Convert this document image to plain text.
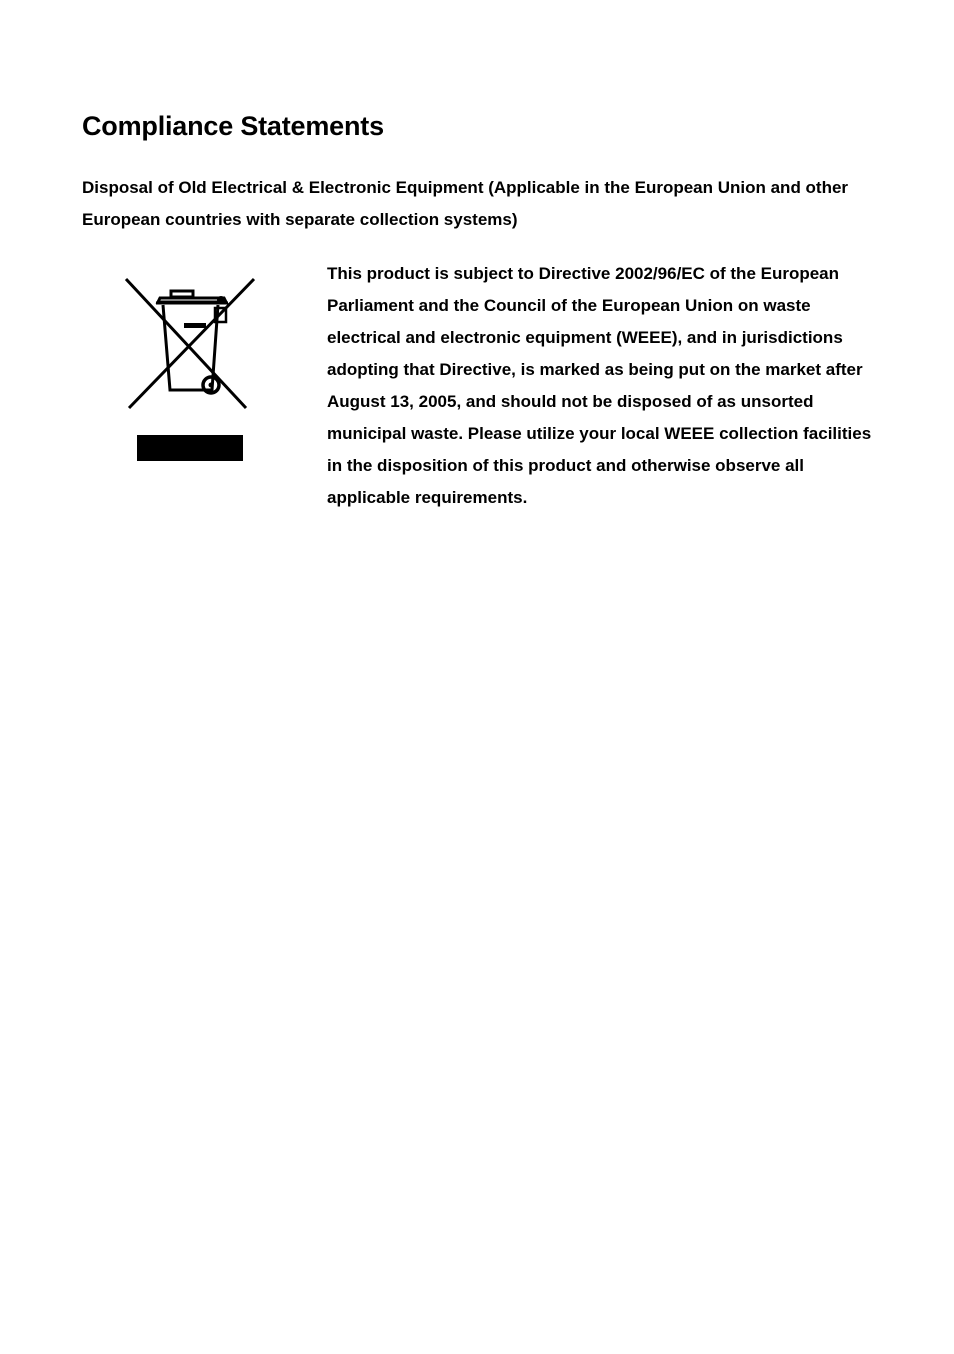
Compliance Statements

Disposal of Old Electrical & Electronic Equipment (Applicable in the European Union and other European countries with separate collection systems)

This product is subject to Directive 2002/96/EC of the European Parliament and the Council of the European Union on waste electrical and electronic equipment (WEEE), and in jurisdictions adopting that Directive, is marked as being put on the market after August 13, 2005, and should not be disposed of as unsorted municipal waste. Please utilize your local WEEE collection facilities in the disposition of this product and otherwise observe all applicable requirements.
